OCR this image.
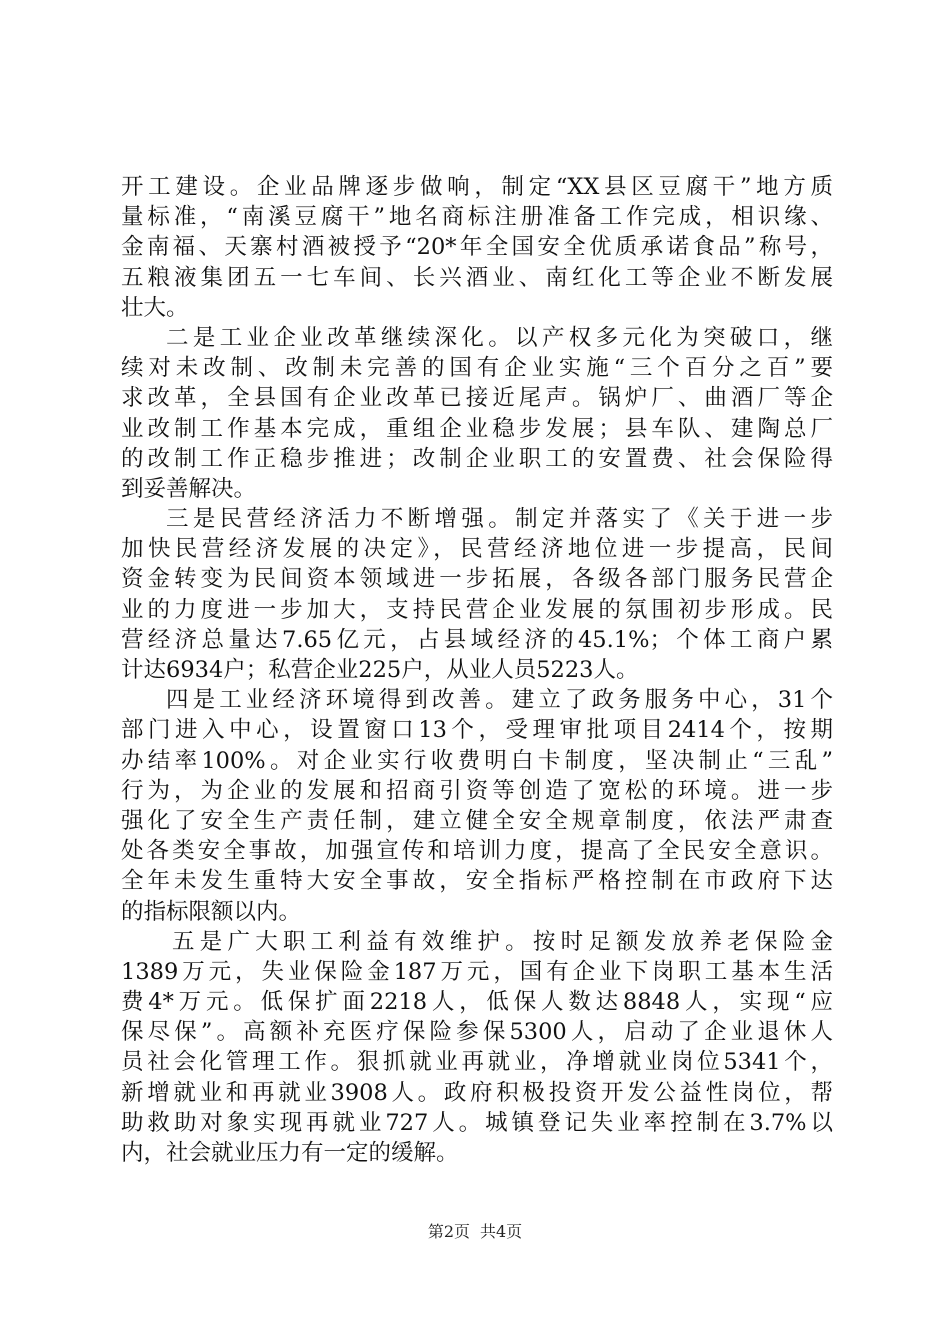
开工建设。企业品牌逐步做响，制定“XX县区豆腐干”地方质
量标准，“南溪豆腐干”地名商标注册准备工作完成，相识缘、
金南福、天寨村酒被授予“20*年全国安全优质承诺食品”称号，
五粮液集团五一七车间、长兴酒业、南红化工等企业不断发展
壮大。
二是工业企业改革继续深化。以产权多元化为突破口，继
续对未改制、改制未完善的国有企业实施“三个百分之百”要
求改革，全县国有企业改革已接近尾声。锅炉厂、曲酒厂等企
业改制工作基本完成，重组企业稳步发展；县车队、建陶总厂
的改制工作正稳步推进；改制企业职工的安置费、社会保险得
到妥善解决。
三是民营经济活力不断增强。制定并落实了《关于进一步
加快民营经济发展的决定》，民营经济地位进一步提高，民间
资金转变为民间资本领域进一步拓展，各级各部门服务民营企
业的力度进一步加大，支持民营企业发展的氛围初步形成。民
营经济总量达7.65亿元，占县域经济的45.1%；个体工商户累
计达6934户；私营企业225户，从业人员5223人。
四是工业经济环境得到改善。建立了政务服务中心，31个
部门进入中心，设置窗口13个，受理审批项目2414个，按期
办结率100%。对企业实行收费明白卡制度，坚决制止“三乱”
行为，为企业的发展和招商引资等创造了宽松的环境。进一步
强化了安全生产责任制，建立健全安全规章制度，依法严肃查
处各类安全事故，加强宣传和培训力度，提高了全民安全意识。
全年未发生重特大安全事故，安全指标严格控制在市政府下达
的指标限额以内。
五是广大职工利益有效维护。按时足额发放养老保险金
1389万元，失业保险金187万元，国有企业下岗职工基本生活
费4*万元。低保扩面2218人，低保人数达8848人，实现“应
保尽保”。高额补充医疗保险参保5300人，启动了企业退休人
员社会化管理工作。狠抓就业再就业，净增就业岗位5341个，
新增就业和再就业3908人。政府积极投资开发公益性岗位，帮
助救助对象实现再就业727人。城镇登记失业率控制在3.7%以
内，社会就业压力有一定的缓解。
第2页 共4页
